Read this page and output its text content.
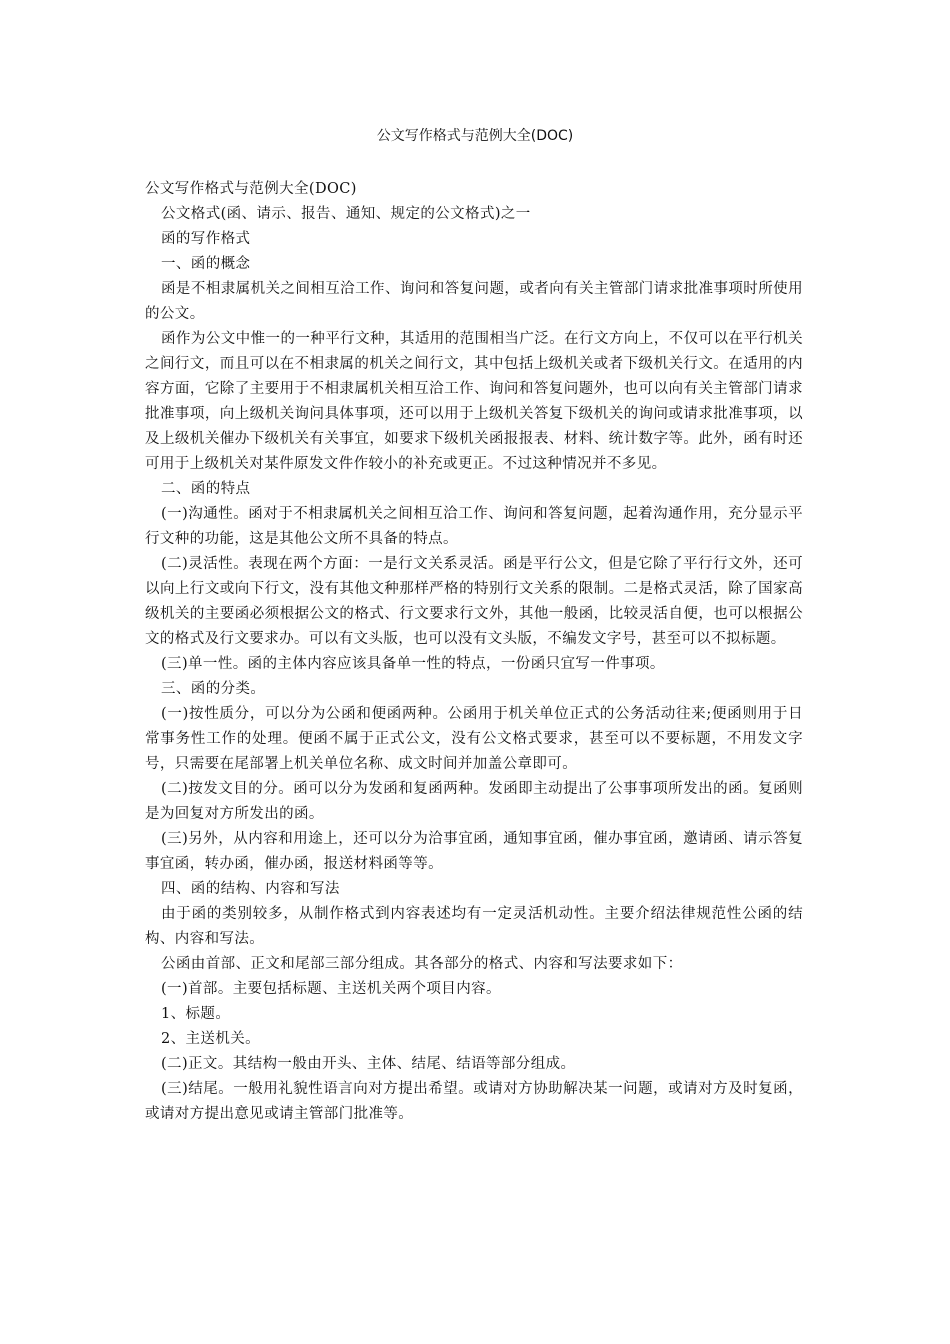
公文写作格式与范例大全(DOC)

公文写作格式与范例大全(DOC)

公文格式(函、请示、报告、通知、规定的公文格式)之一

函的写作格式

一、函的概念

函是不相隶属机关之间相互洽工作、询问和答复问题，或者向有关主管部门请求批准事项时所使用的公文。

函作为公文中惟一的一种平行文种，其适用的范围相当广泛。在行文方向上，不仅可以在平行机关之间行文，而且可以在不相隶属的机关之间行文，其中包括上级机关或者下级机关行文。在适用的内容方面，它除了主要用于不相隶属机关相互洽工作、询问和答复问题外，也可以向有关主管部门请求批准事项，向上级机关询问具体事项，还可以用于上级机关答复下级机关的询问或请求批准事项，以及上级机关催办下级机关有关事宜，如要求下级机关函报报表、材料、统计数字等。此外，函有时还可用于上级机关对某件原发文件作较小的补充或更正。不过这种情况并不多见。

二、函的特点

(一)沟通性。函对于不相隶属机关之间相互洽工作、询问和答复问题，起着沟通作用，充分显示平行文种的功能，这是其他公文所不具备的特点。

(二)灵活性。表现在两个方面：一是行文关系灵活。函是平行公文，但是它除了平行行文外，还可以向上行文或向下行文，没有其他文种那样严格的特别行文关系的限制。二是格式灵活，除了国家高级机关的主要函必须根据公文的格式、行文要求行文外，其他一般函，比较灵活自便，也可以根据公文的格式及行文要求办。可以有文头版，也可以没有文头版，不编发文字号，甚至可以不拟标题。

(三)单一性。函的主体内容应该具备单一性的特点，一份函只宜写一件事项。

三、函的分类。

(一)按性质分，可以分为公函和便函两种。公函用于机关单位正式的公务活动往来;便函则用于日常事务性工作的处理。便函不属于正式公文，没有公文格式要求，甚至可以不要标题，不用发文字号，只需要在尾部署上机关单位名称、成文时间并加盖公章即可。

(二)按发文目的分。函可以分为发函和复函两种。发函即主动提出了公事事项所发出的函。复函则是为回复对方所发出的函。

(三)另外，从内容和用途上，还可以分为洽事宜函，通知事宜函，催办事宜函，邀请函、请示答复事宜函，转办函，催办函，报送材料函等等。

四、函的结构、内容和写法

由于函的类别较多，从制作格式到内容表述均有一定灵活机动性。主要介绍法律规范性公函的结构、内容和写法。

公函由首部、正文和尾部三部分组成。其各部分的格式、内容和写法要求如下：

(一)首部。主要包括标题、主送机关两个项目内容。

1、标题。

2、主送机关。

(二)正文。其结构一般由开头、主体、结尾、结语等部分组成。

(三)结尾。一般用礼貌性语言向对方提出希望。或请对方协助解决某一问题，或请对方及时复函，或请对方提出意见或请主管部门批准等。
